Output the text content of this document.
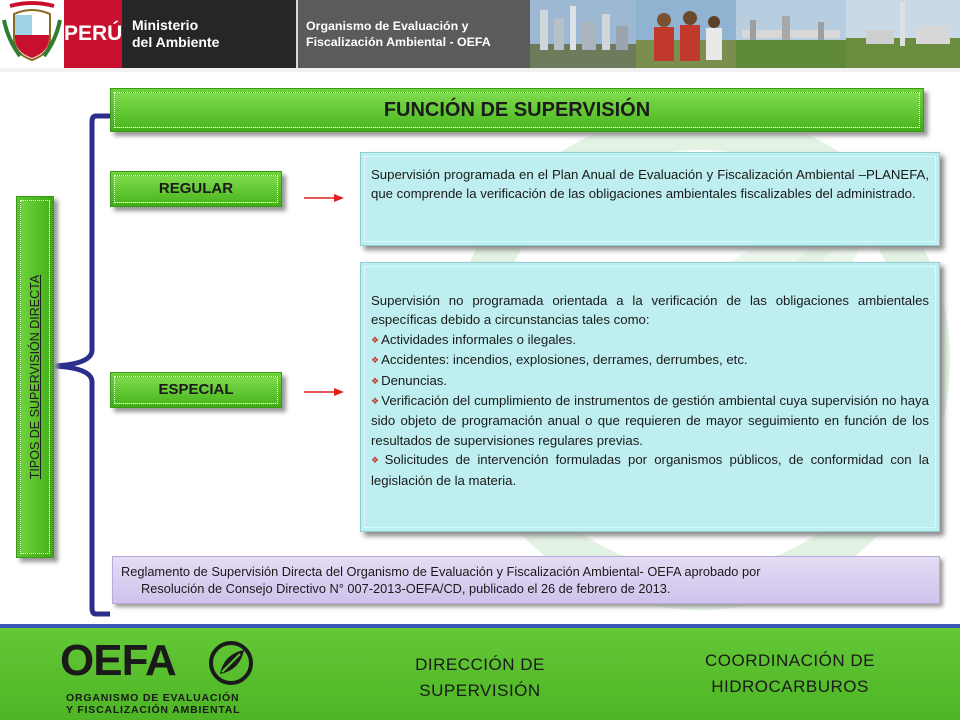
PERÚ Ministerio
del Ambiente
Organismo de Evaluación y
Fiscalización Ambiental - OEFA
FUNCIÓN DE SUPERVISIÓN
TIPOS DE SUPERVISIÓN DIRECTA
REGULAR
Supervisión programada en el Plan Anual de Evaluación y Fiscalización Ambiental –PLANEFA, que comprende la verificación de las obligaciones ambientales fiscalizables del administrado.
ESPECIAL
Supervisión no programada orientada a la verificación de las obligaciones ambientales específicas debido a circunstancias tales como:
❖ Actividades informales o ilegales.
❖ Accidentes: incendios, explosiones, derrames, derrumbes, etc.
❖ Denuncias.
❖ Verificación del cumplimiento de instrumentos de gestión ambiental cuya supervisión no haya sido objeto de programación anual o que requieren de mayor seguimiento en función de los resultados de supervisiones regulares previas.
❖ Solicitudes de intervención formuladas por organismos públicos, de conformidad con la legislación de la materia.
Reglamento de Supervisión Directa del Organismo de Evaluación y Fiscalización Ambiental- OEFA aprobado por
Resolución de Consejo Directivo N° 007-2013-OEFA/CD, publicado el 26 de febrero de 2013.
OEFA
ORGANISMO DE EVALUACIÓN
Y FISCALIZACIÓN AMBIENTAL
DIRECCIÓN DE
SUPERVISIÓN
COORDINACIÓN DE
HIDROCARBUROS
